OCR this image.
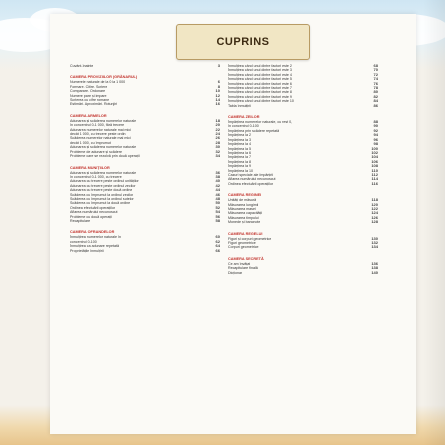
CUPRINS
Cuvânt-înainte	3
CAMERA PROVIZIILOR (GRĂNARUL)
Numerele naturale de la 0 la 1 000	6
Formare. Citire. Scriere	8
Comparare. Ordonare	10
Numere pare și impare	12
Scrierea cu cifre romane	14
Estimări. Aproximări. Rotunjiri	16
CAMERA ARMELOR
Adunarea și scăderea numerelor naturale	18
în concentrul 0-1 000, fără trecere	20
Adunarea numerelor naturale mai mici	22
decât 1 000, cu trecere peste ordin	24
Scăderea numerelor naturale mai mici	26
decât 1 000, cu împrumut	28
Adunarea și scăderea numerelor naturale	30
Probleme de adunare și scădere	32
Probleme care se rezolvă prin două operații	34
CAMERA MUNIȚIILOR
Adunarea și scăderea numerelor naturale	36
în concentrul 0-1 000, cu trecere	38
Adunarea cu trecere peste ordinul unităților	40
Adunarea cu trecere peste ordinul zecilor	42
Adunarea cu trecere peste două ordine	44
Scăderea cu împrumut la ordinul zecilor	46
Scăderea cu împrumut la ordinul sutelor	48
Scăderea cu împrumut la două ordine	50
Ordinea efectuării operațiilor	52
Aflarea numărului necunoscut	54
Probleme cu două operații	56
Recapitulare	58
CAMERA OFRANDELOR
Înmulțirea numerelor naturale în	60
concentrul 0-100	62
Înmulțirea ca adunare repetată	64
Proprietățile înmulțirii	66
Înmulțirea când unul dintre factori este 2	68
Înmulțirea când unul dintre factori este 3	70
Înmulțirea când unul dintre factori este 4	72
Înmulțirea când unul dintre factori este 5	74
Înmulțirea când unul dintre factori este 6	76
Înmulțirea când unul dintre factori este 7	78
Înmulțirea când unul dintre factori este 8	80
Înmulțirea când unul dintre factori este 9	82
Înmulțirea când unul dintre factori este 10	84
Tabla înmulțirii	86
CAMERA ZEILOR
Împărțirea numerelor naturale, cu rest 0,	88
în concentrul 0-100	90
Împărțirea prin scădere repetată	92
Împărțirea la 2	94
Împărțirea la 3	96
Împărțirea la 4	98
Împărțirea la 5	100
Împărțirea la 6	102
Împărțirea la 7	104
Împărțirea la 8	106
Împărțirea la 9	108
Împărțirea la 10	110
Cazuri speciale ale împărțirii	112
Aflarea numărului necunoscut	114
Ordinea efectuării operațiilor	116
CAMERA REGINEI
Unități de măsură	118
Măsurarea lungimii	120
Măsurarea masei	122
Măsurarea capacității	124
Măsurarea timpului	126
Monede și bancnote	128
CAMERA REGELUI
Figuri și corpuri geometrice	130
Figuri geometrice	132
Corpuri geometrice	134
CAMERA SECRETĂ
Ce am învățat	136
Recapitulare finală	138
Dicționar	140
